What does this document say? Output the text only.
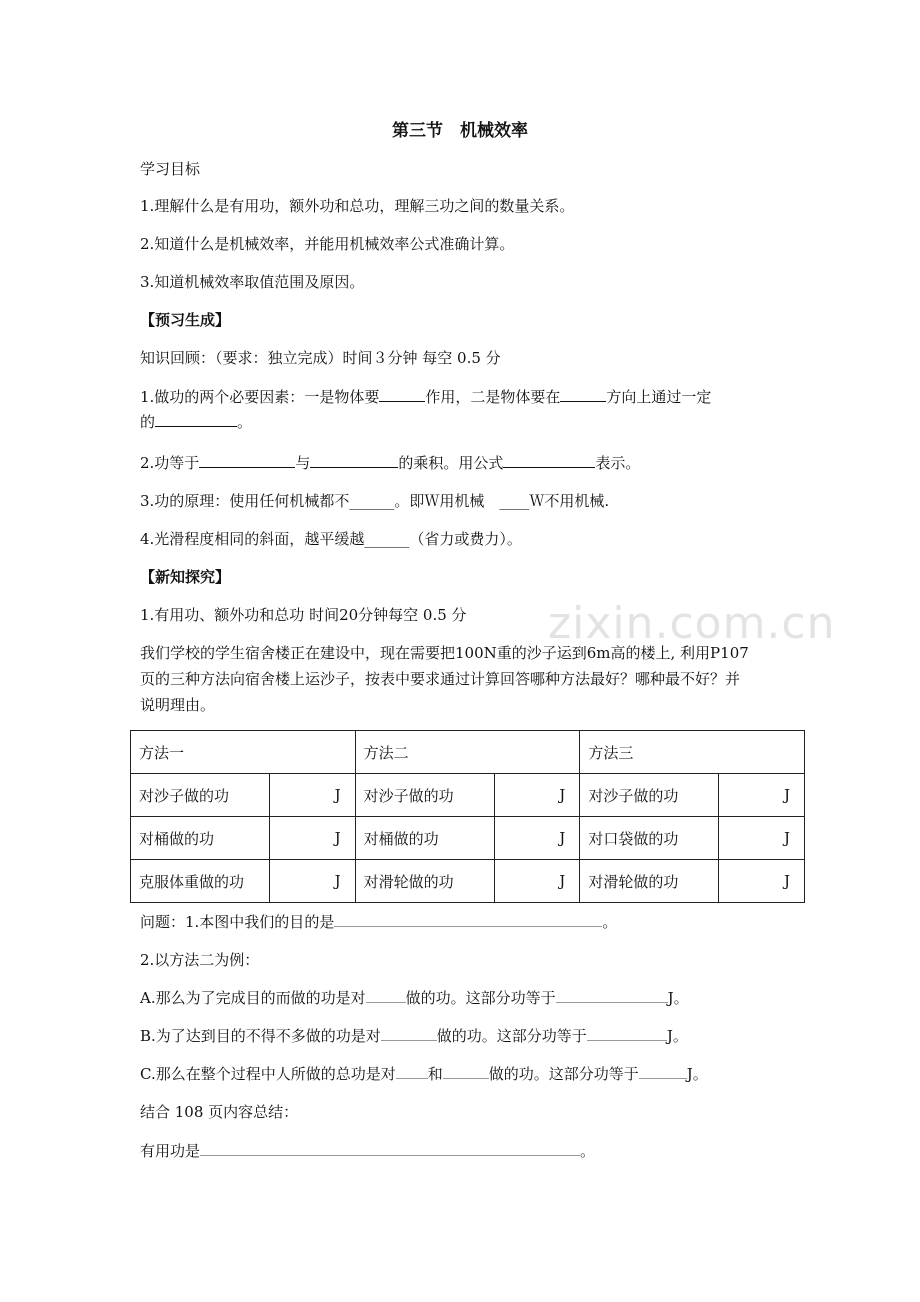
第三节　机械效率
学习目标
1.理解什么是有用功，额外功和总功，理解三功之间的数量关系。
2.知道什么是机械效率，并能用机械效率公式准确计算。
3.知道机械效率取值范围及原因。
【预习生成】
知识回顾：（要求：独立完成）时间３分钟 每空 0.5 分
1.做功的两个必要因素：一是物体要	作用，二是物体要在	方向上通过一定
的	。
2.功等于	与	的乘积。用公式	表示。
3.功的原理：使用任何机械都不______。即Ｗ用机械　____Ｗ不用机械.
4.光滑程度相同的斜面，越平缓越______（省力或费力）。
【新知探究】
1.有用功、额外功和总功 时间20分钟每空 0.5 分
我们学校的学生宿舍楼正在建设中，现在需要把100N重的沙子运到6m高的楼上, 利用P107
页的三种方法向宿舍楼上运沙子，按表中要求通过计算回答哪种方法最好？哪种最不好？并
说明理由。
zixin.com.cn
方法一		方法二		方法三	
对沙子做的功	J	对沙子做的功	J	对沙子做的功	J
对桶做的功	J	对桶做的功	J	对口袋做的功	J
克服体重做的功	J	对滑轮做的功	J	对滑轮做的功	J
问题：1.本图中我们的目的是	。
2.以方法二为例：
A.那么为了完成目的而做的功是对	做的功。这部分功等于	J。
B.为了达到目的不得不多做的功是对	做的功。这部分功等于	J。
C.那么在整个过程中人所做的总功是对 和	做的功。这部分功等于	J。
结合 108 页内容总结：
有用功是	。
